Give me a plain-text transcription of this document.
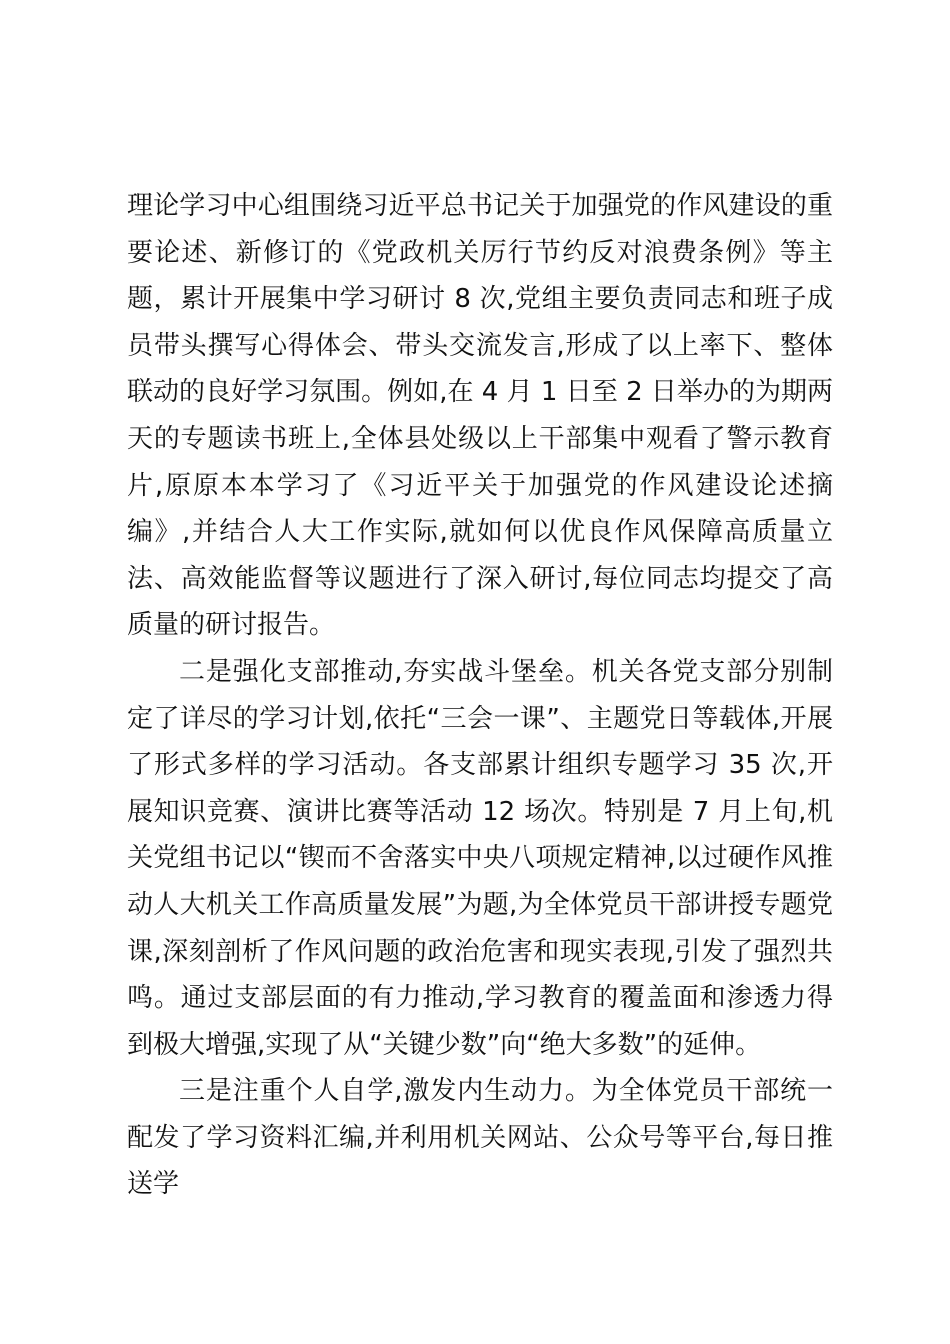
理论学习中心组围绕习近平总书记关于加强党的作风建设的重要论述、新修订的《党政机关厉行节约反对浪费条例》等主题，累计开展集中学习研讨 8 次,党组主要负责同志和班子成员带头撰写心得体会、带头交流发言,形成了以上率下、整体联动的良好学习氛围。例如,在 4 月 1 日至 2 日举办的为期两天的专题读书班上,全体县处级以上干部集中观看了警示教育片,原原本本学习了《习近平关于加强党的作风建设论述摘编》,并结合人大工作实际,就如何以优良作风保障高质量立法、高效能监督等议题进行了深入研讨,每位同志均提交了高质量的研讨报告。

二是强化支部推动,夯实战斗堡垒。机关各党支部分别制定了详尽的学习计划,依托“三会一课”、主题党日等载体,开展了形式多样的学习活动。各支部累计组织专题学习 35 次,开展知识竞赛、演讲比赛等活动 12 场次。特别是 7 月上旬,机关党组书记以“锲而不舍落实中央八项规定精神,以过硬作风推动人大机关工作高质量发展”为题,为全体党员干部讲授专题党课,深刻剖析了作风问题的政治危害和现实表现,引发了强烈共鸣。通过支部层面的有力推动,学习教育的覆盖面和渗透力得到极大增强,实现了从“关键少数”向“绝大多数”的延伸。

三是注重个人自学,激发内生动力。为全体党员干部统一配发了学习资料汇编,并利用机关网站、公众号等平台,每日推送学
